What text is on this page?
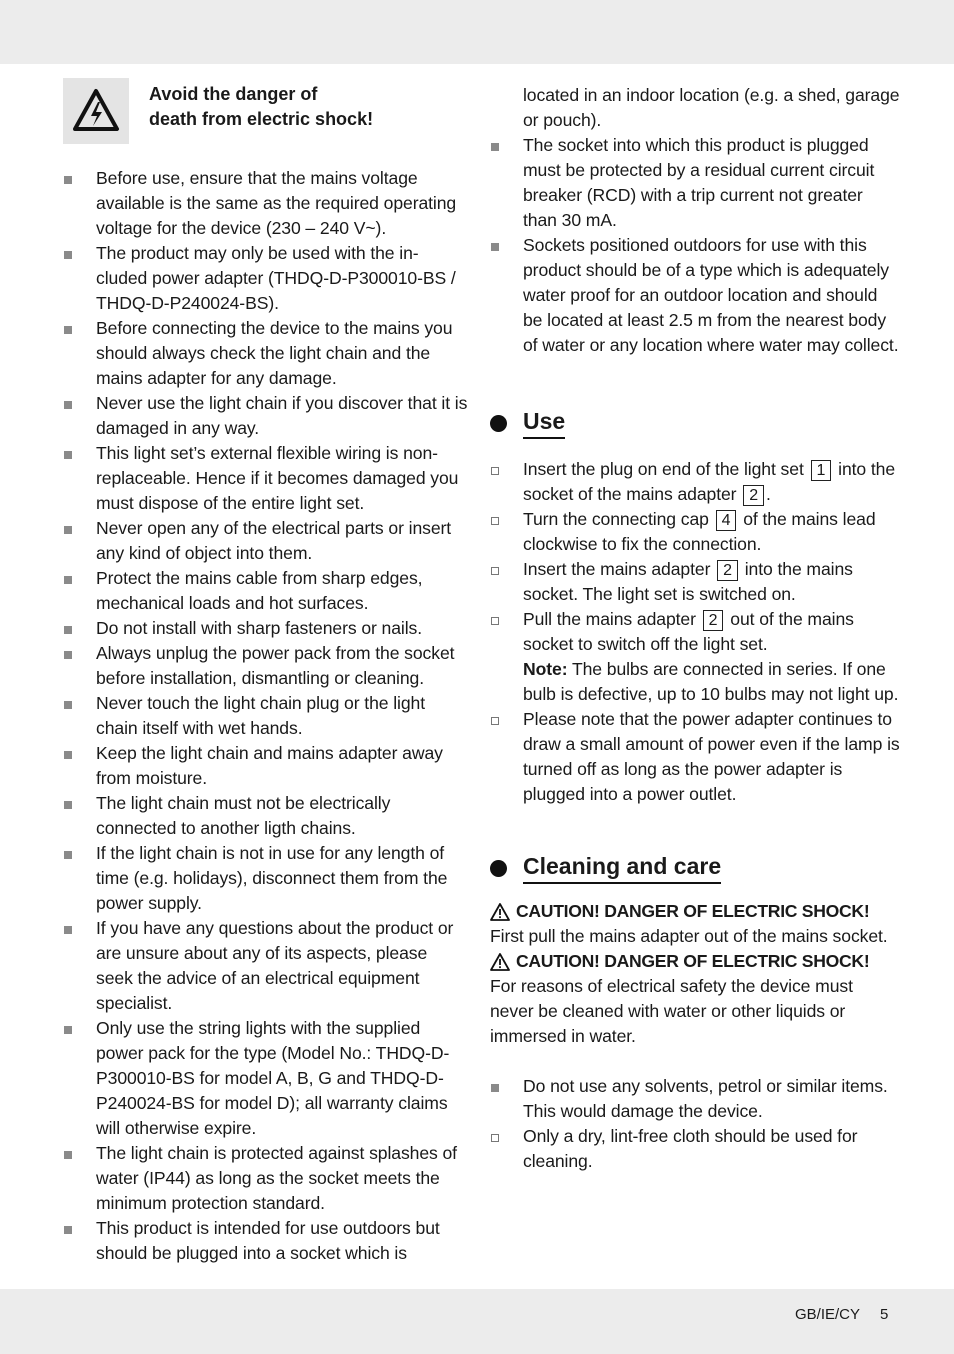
Avoid the danger of
death from electric shock!
Before use, ensure that the mains voltage available is the same as the required operating voltage for the device (230 – 240 V~).
The product may only be used with the in-cluded power adapter (THDQ-D-P300010-BS / THDQ-D-P240024-BS).
Before connecting the device to the mains you should always check the light chain and the mains adapter for any damage.
Never use the light chain if you discover that it is damaged in any way.
This light set’s external flexible wiring is non-replaceable. Hence if it becomes damaged you must dispose of the entire light set.
Never open any of the electrical parts or insert any kind of object into them.
Protect the mains cable from sharp edges, mechanical loads and hot surfaces.
Do not install with sharp fasteners or nails.
Always unplug the power pack from the socket before installation, dismantling or cleaning.
Never touch the light chain plug or the light chain itself with wet hands.
Keep the light chain and mains adapter away from moisture.
The light chain must not be electrically connected to another ligth chains.
If the light chain is not in use for any length of time (e.g. holidays), disconnect them from the power supply.
If you have any questions about the product or are unsure about any of its aspects, please seek the advice of an electrical equipment specialist.
Only use the string lights with the supplied power pack for the type (Model No.: THDQ-D-P300010-BS for model A, B, G and THDQ-D-P240024-BS for model D); all warranty claims will otherwise expire.
The light chain is protected against splashes of water (IP44) as long as the socket meets the minimum protection standard.
This product is intended for use outdoors but should be plugged into a socket which is
located in an indoor location (e.g. a shed, garage or pouch).
The socket into which this product is plugged must be protected by a residual current circuit breaker (RCD) with a trip current not greater than 30 mA.
Sockets positioned outdoors for use with this product should be of a type which is adequately water proof for an outdoor location and should be located at least 2.5 m from the nearest body of water or any location where water may collect.
Use
Insert the plug on end of the light set 1 into the socket of the mains adapter 2 .
Turn the connecting cap 4 of the mains lead clockwise to fix the connection.
Insert the mains adapter 2 into the mains socket. The light set is switched on.
Pull the mains adapter 2 out of the mains socket to switch off the light set.
Note: The bulbs are connected in series. If one bulb is defective, up to 10 bulbs may not light up.
Please note that the power adapter continues to draw a small amount of power even if the lamp is turned off as long as the power adapter is plugged into a power outlet.
Cleaning and care
CAUTION! DANGER OF ELECTRIC SHOCK!
First pull the mains adapter out of the mains socket.
CAUTION! DANGER OF ELECTRIC SHOCK!
For reasons of electrical safety the device must never be cleaned with water or other liquids or immersed in water.
Do not use any solvents, petrol or similar items. This would damage the device.
Only a dry, lint-free cloth should be used for cleaning.
GB/IE/CY 5
